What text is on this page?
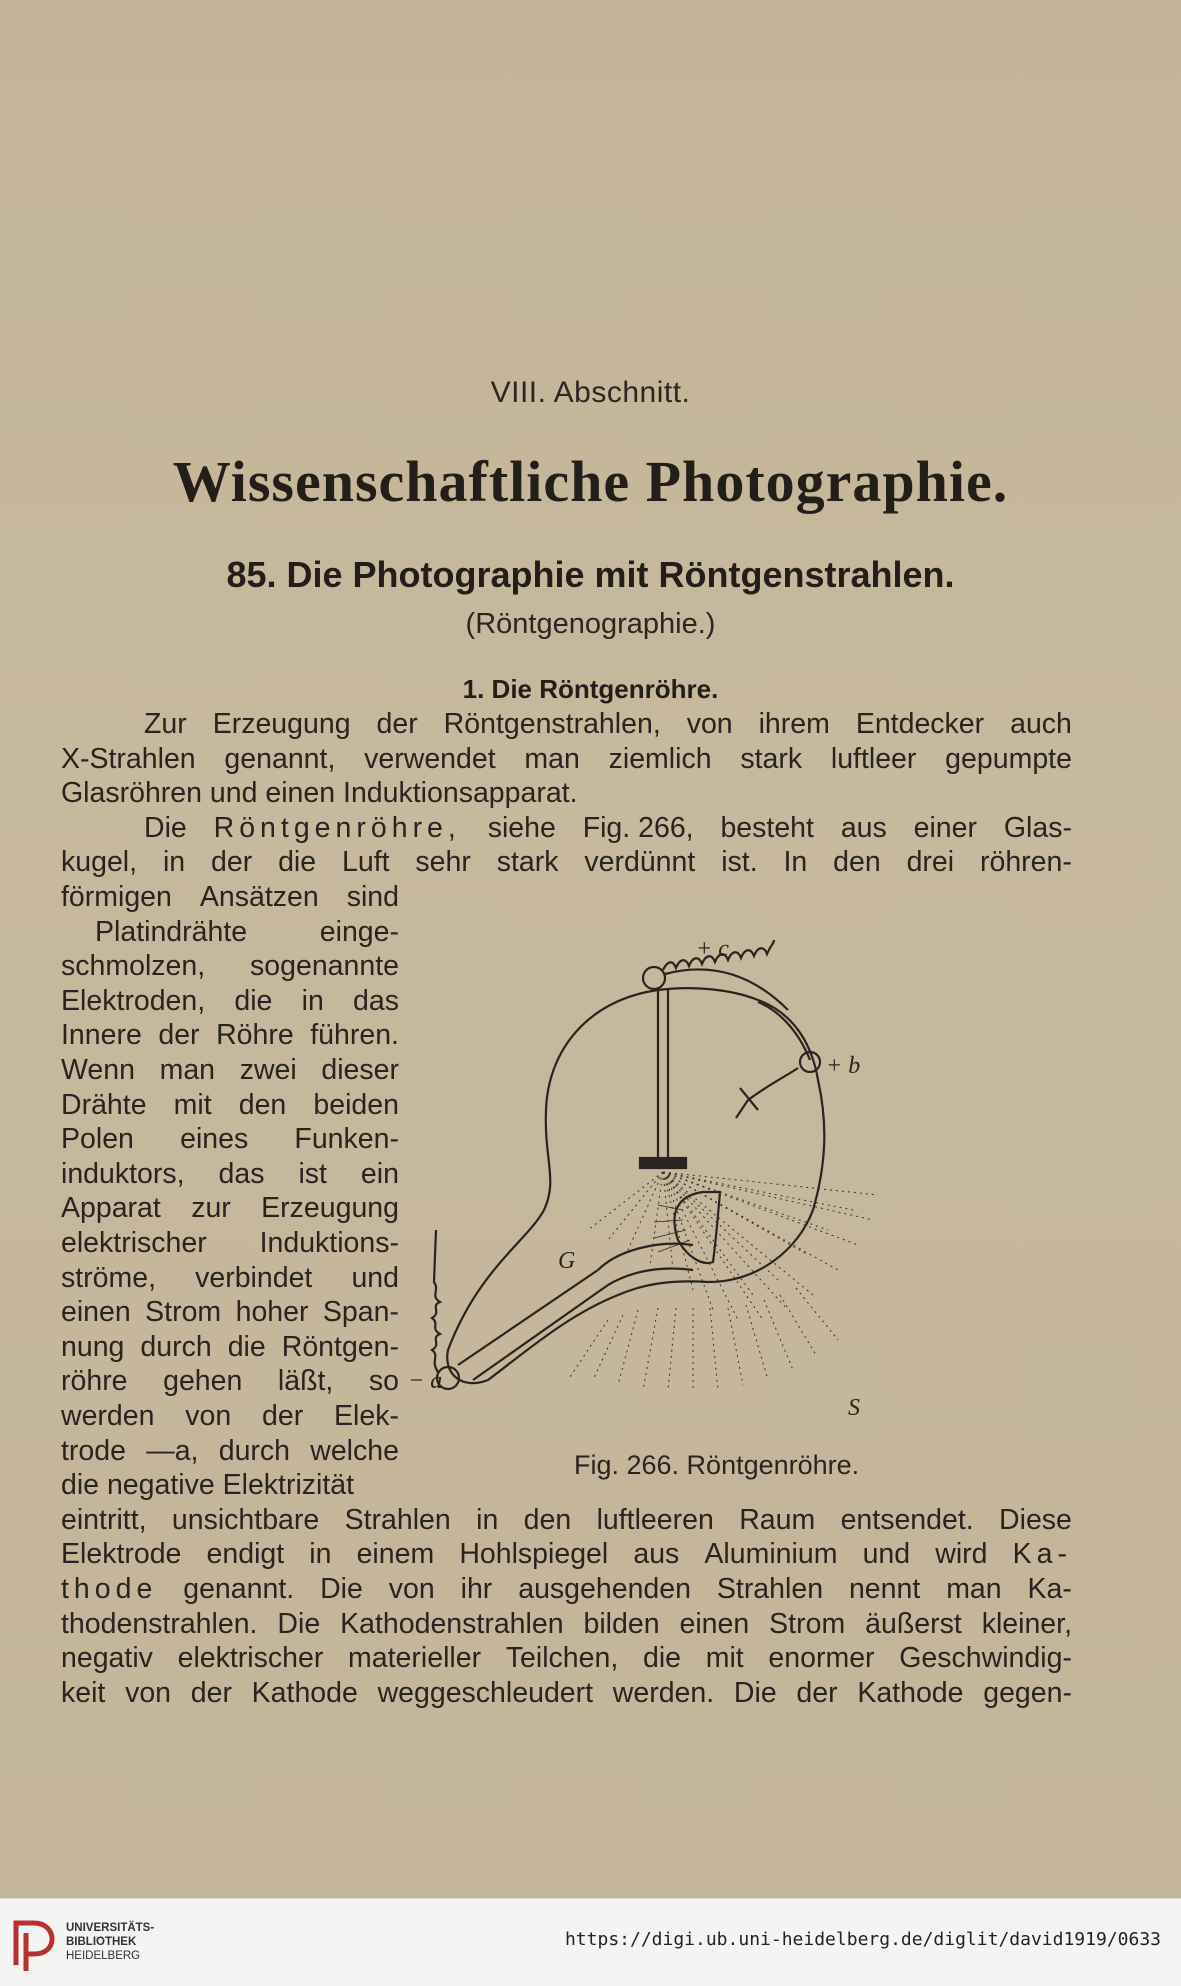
VIII. Abschnitt.
Wissenschaftliche Photographie.
85. Die Photographie mit Röntgenstrahlen.
(Röntgenographie.)
1. Die Röntgenröhre.
Zur Erzeugung der Röntgenstrahlen, von ihrem Entdecker auch
X-Strahlen genannt, verwendet man ziemlich stark luftleer gepumpte
Glasröhren und einen Induktionsapparat.
Die Röntgenröhre, siehe Fig. 266, besteht aus einer Glas-
kugel, in der die Luft sehr stark verdünnt ist. In den drei röhren-
förmigen Ansätzen sind
Platindrähte	einge-
schmolzen, sogenannte
Elektroden, die in das
Innere der Röhre führen.
Wenn man zwei dieser
Drähte mit den beiden
Polen eines Funken-
induktors, das ist ein
Apparat zur Erzeugung
elektrischer Induktions-
ströme, verbindet und
einen Strom hoher Span-
nung durch die Röntgen-
röhre gehen läßt, so
werden von der Elek-
trode —a, durch welche
die negative Elektrizität
eintritt, unsichtbare Strahlen in den luftleeren Raum entsendet. Diese
Elektrode endigt in einem Hohlspiegel aus Aluminium und wird Ka-
thode genannt. Die von ihr ausgehenden Strahlen nennt man Ka-
thodenstrahlen. Die Kathodenstrahlen bilden einen Strom äußerst kleiner,
negativ elektrischer materieller Teilchen, die mit enormer Geschwindig-
keit von der Kathode weggeschleudert werden. Die der Kathode gegen-
+ c
+ b
− a
G
S
Fig. 266. Röntgenröhre.
UNIVERSITÄTS-
BIBLIOTHEK
HEIDELBERG
https://digi.ub.uni-heidelberg.de/diglit/david1919/0633
